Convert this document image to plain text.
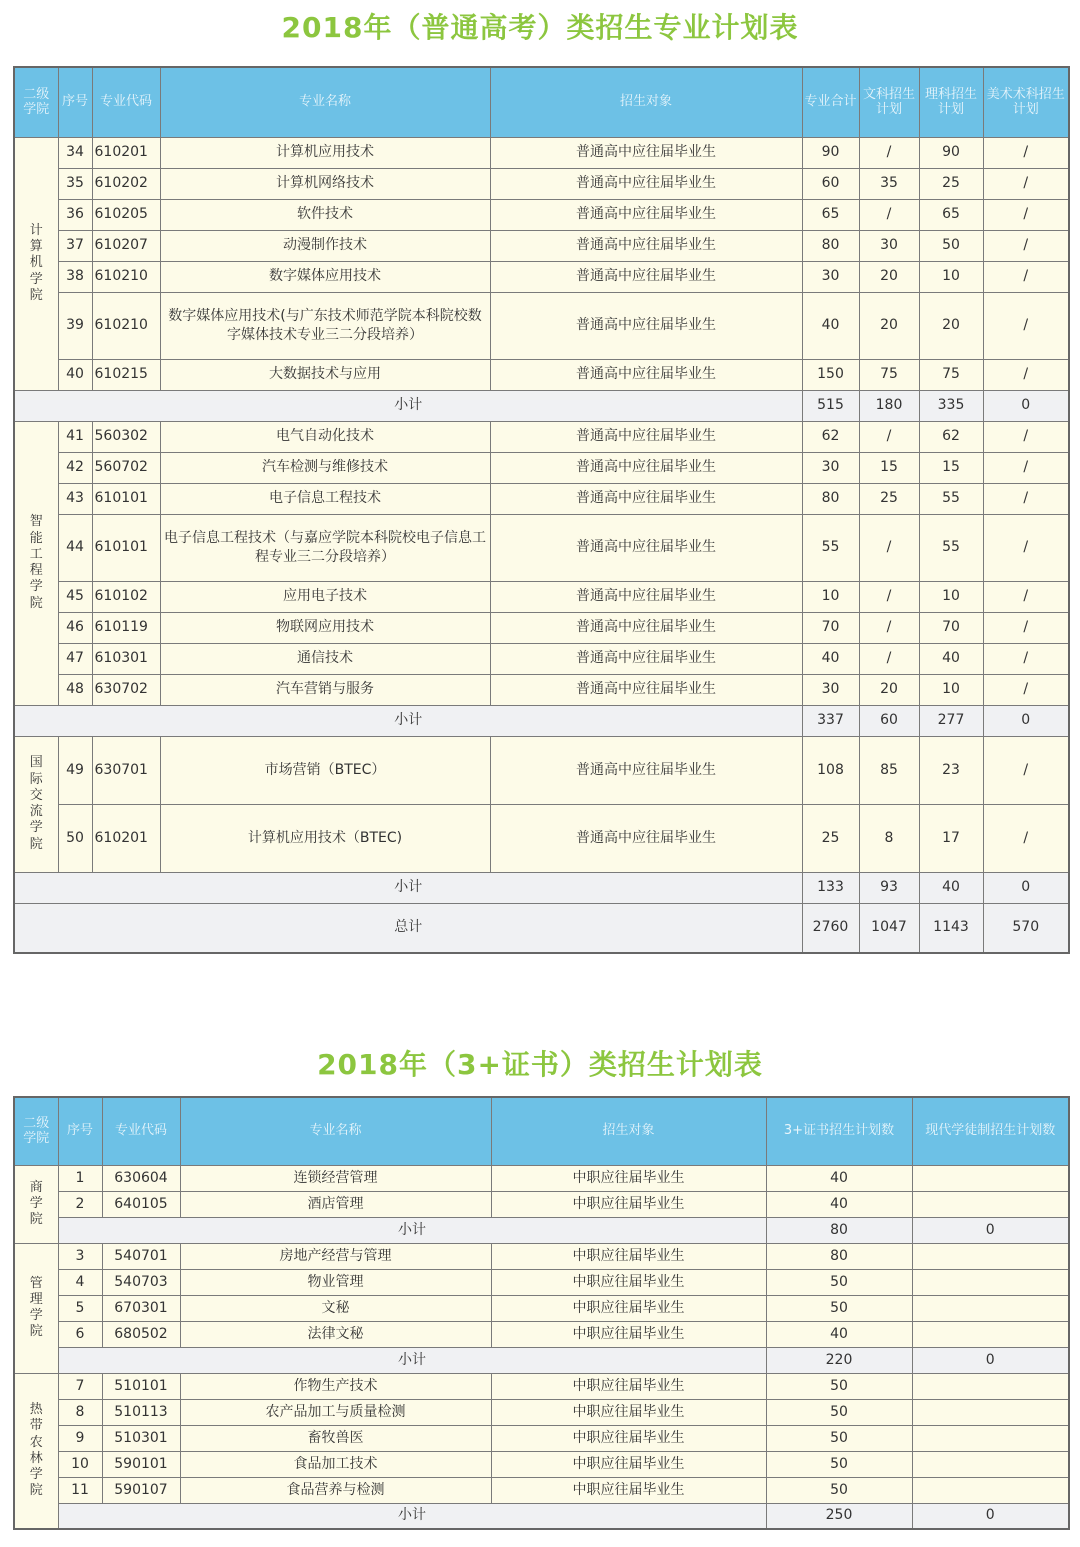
2018年（普通高考）类招生专业计划表
二级学院	序号	专业代码	专业名称	招生对象	专业合计	文科招生计划	理科招生计划	美术术科招生计划
计算机学院	34	610201	计算机应用技术	普通高中应往届毕业生	90	/	90	/
	35	610202	计算机网络技术	普通高中应往届毕业生	60	35	25	/
	36	610205	软件技术	普通高中应往届毕业生	65	/	65	/
	37	610207	动漫制作技术	普通高中应往届毕业生	80	30	50	/
	38	610210	数字媒体应用技术	普通高中应往届毕业生	30	20	10	/
	39	610210	数字媒体应用技术(与广东技术师范学院本科院校数字媒体技术专业三二分段培养）	普通高中应往届毕业生	40	20	20	/
	40	610215	大数据技术与应用	普通高中应往届毕业生	150	75	75	/
小计					515	180	335	0
智能工程学院	41	560302	电气自动化技术	普通高中应往届毕业生	62	/	62	/
	42	560702	汽车检测与维修技术	普通高中应往届毕业生	30	15	15	/
	43	610101	电子信息工程技术	普通高中应往届毕业生	80	25	55	/
	44	610101	电子信息工程技术（与嘉应学院本科院校电子信息工程专业三二分段培养）	普通高中应往届毕业生	55	/	55	/
	45	610102	应用电子技术	普通高中应往届毕业生	10	/	10	/
	46	610119	物联网应用技术	普通高中应往届毕业生	70	/	70	/
	47	610301	通信技术	普通高中应往届毕业生	40	/	40	/
	48	630702	汽车营销与服务	普通高中应往届毕业生	30	20	10	/
小计					337	60	277	0
国际交流学院	49	630701	市场营销（BTEC）	普通高中应往届毕业生	108	85	23	/
	50	610201	计算机应用技术（BTEC)	普通高中应往届毕业生	25	8	17	/
小计					133	93	40	0
总计					2760	1047	1143	570
2018年（3+证书）类招生计划表
二级学院	序号	专业代码	专业名称	招生对象	3+证书招生计划数	现代学徒制招生计划数
商学院	1	630604	连锁经营管理	中职应往届毕业生	40	
	2	640105	酒店管理	中职应往届毕业生	40	
	小计				80	0
管理学院	3	540701	房地产经营与管理	中职应往届毕业生	80	
	4	540703	物业管理	中职应往届毕业生	50	
	5	670301	文秘	中职应往届毕业生	50	
	6	680502	法律文秘	中职应往届毕业生	40	
	小计				220	0
热带农林学院	7	510101	作物生产技术	中职应往届毕业生	50	
	8	510113	农产品加工与质量检测	中职应往届毕业生	50	
	9	510301	畜牧兽医	中职应往届毕业生	50	
	10	590101	食品加工技术	中职应往届毕业生	50	
	11	590107	食品营养与检测	中职应往届毕业生	50	
	小计				250	0
